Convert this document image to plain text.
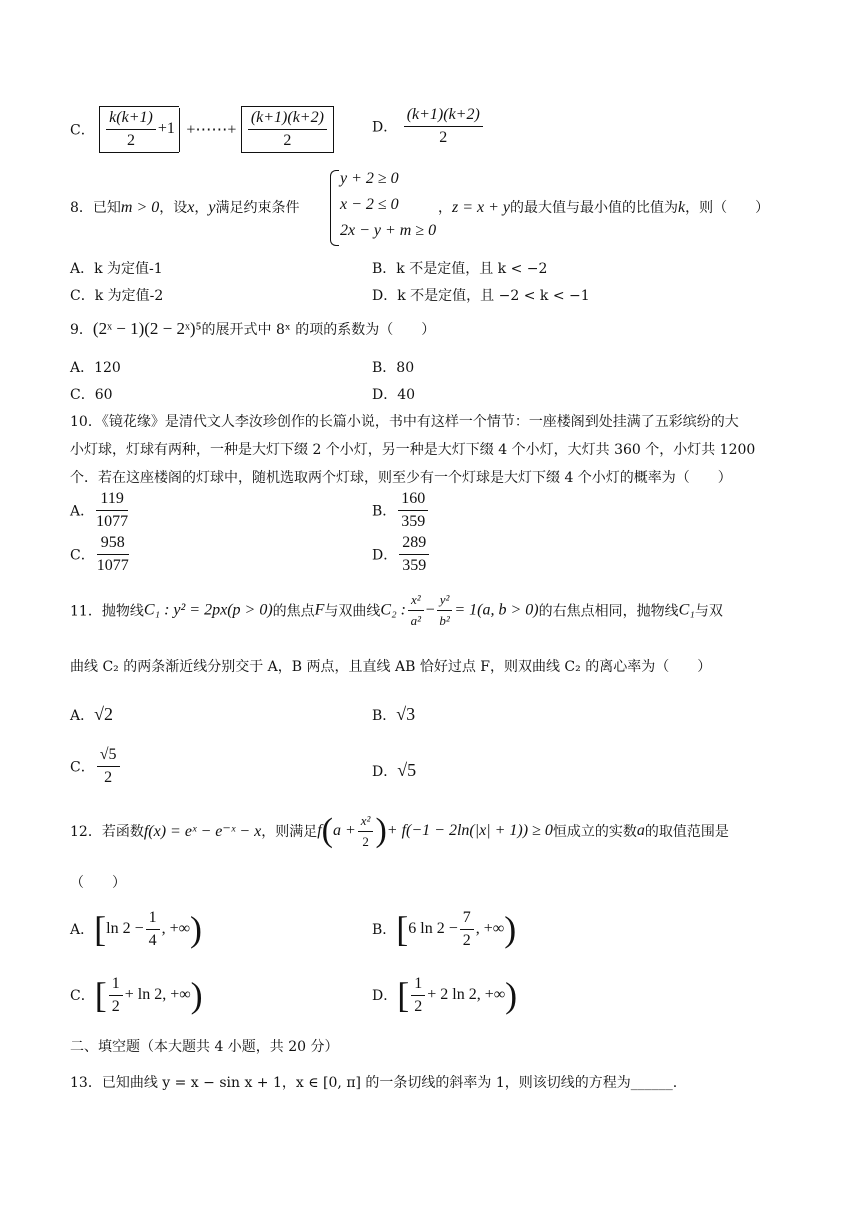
C． $\frac{k(k+1)}{2} +1$ +⋯⋯+ $\frac{(k+1)(k+2)}{2}$	D． $\frac{(k+1)(k+2)}{2}$
8．已知m > 0，设x，y满足约束条件
y + 2 ≥ 0
x − 2 ≤ 0
2x − y + m ≥ 0
，z = x + y的最大值与最小值的比值为k，则（　　）
A．k 为定值-1	B．k 不是定值，且 k < −2
C．k 为定值-2	D．k 不是定值，且 −2 < k < −1
9．(2ˣ − 1)(2 − 2ˣ)⁵的展开式中 8ˣ 的项的系数为（　　）
A．120	B．80
C．60	D．40
10．《镜花缘》是清代文人李汝珍创作的长篇小说，书中有这样一个情节：一座楼阁到处挂满了五彩缤纷的大
小灯球，灯球有两种，一种是大灯下缀 2 个小灯，另一种是大灯下缀 4 个小灯，大灯共 360 个，小灯共 1200
个．若在这座楼阁的灯球中，随机选取两个灯球，则至少有一个灯球是大灯下缀 4 个小灯的概率为（　　）
A． $\frac{119}{1077}$	B． $\frac{160}{359}$
C． $\frac{958}{1077}$	D． $\frac{289}{359}$
11．抛物线C₁ : y² = 2px(p > 0)的焦点F与双曲线C₂ : $\frac{\text{x²}}{\text{a²}} - \frac{\text{y²}}{\text{b²}} = 1(a$, b > 0)的右焦点相同，抛物线C₁与双
曲线 C₂ 的两条渐近线分别交于 A，B 两点，且直线 AB 恰好过点 F，则双曲线 C₂ 的离心率为（　　）
A．√2	B．√3
C． $\frac{√5}{2}$	D．√5
12．若函数f(x) = eˣ − e⁻ˣ − x，则满足$f(a + \frac{\text{x²}}{2}$ )+ f(−1 − 2ln(|x| + 1)) ≥ 0恒成立的实数a的取值范围是
（　　）
A．[ln $2 - \frac{1}{4}$ , +∞)	B．[6 $\ln 2 - \frac{7}{2}$ , +∞)
C．[ $\frac{1}{2} + \ln 2$, +∞)	D．[ $\frac{1}{2} + 2$ ln 2, +∞)
二、填空题（本大题共 4 小题，共 20 分）
13．已知曲线 y = x − sin x + 1，x ∈ [0, π] 的一条切线的斜率为 1，则该切线的方程为______.
